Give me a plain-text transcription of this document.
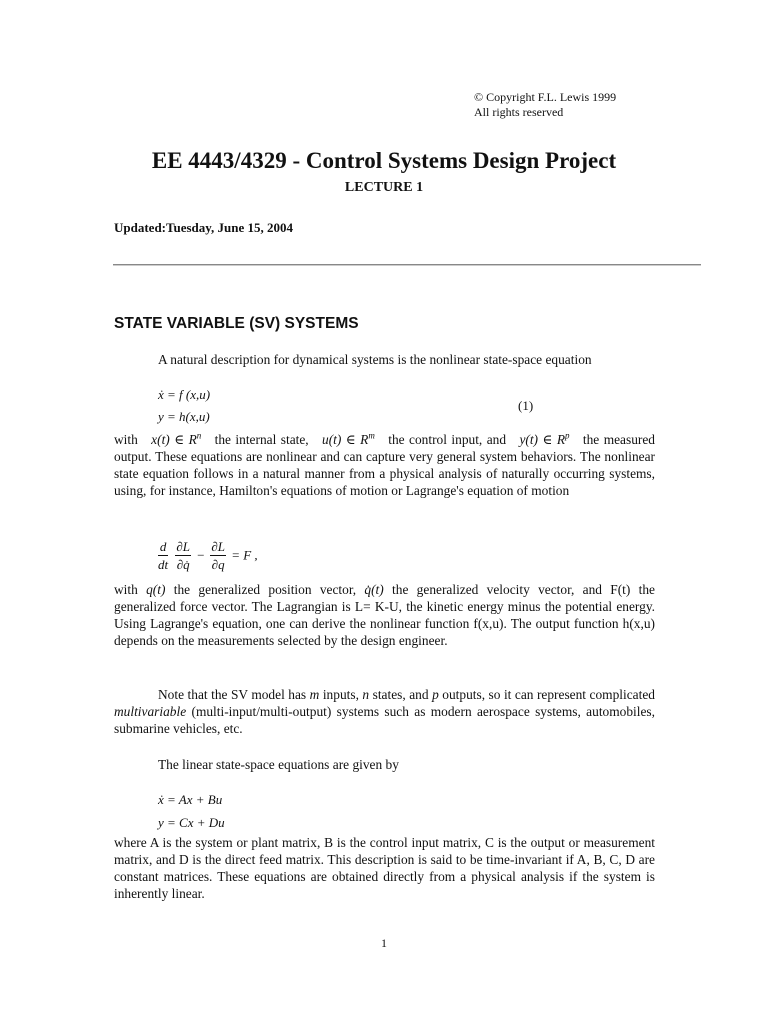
© Copyright F.L. Lewis 1999
All rights reserved
EE 4443/4329 - Control Systems Design Project
LECTURE 1
Updated:Tuesday, June 15, 2004
STATE VARIABLE (SV) SYSTEMS
A natural description for dynamical systems is the nonlinear state-space equation
ẋ = f (x,u)
y = h(x,u)
(1)
with x(t) ∈ $R^n$ the internal state, u(t) ∈ $R^m$ the control input, and y(t) ∈ $R^p$ the measured output. These equations are nonlinear and can capture very general system behaviors. The nonlinear state equation follows in a natural manner from a physical analysis of naturally occurring systems, using, for instance, Hamilton's equations of motion or Lagrange's equation of motion
$\frac{d}{dt}$
$\frac{\partial L}{\partial q̇} - \frac{\partial L}{\partial q} = F$ ,
with q(t) the generalized position vector, q̇(t) the generalized velocity vector, and F(t) the generalized force vector. The Lagrangian is L= K-U, the kinetic energy minus the potential energy. Using Lagrange's equation, one can derive the nonlinear function f(x,u). The output function h(x,u) depends on the measurements selected by the design engineer.
Note that the SV model has m inputs, n states, and p outputs, so it can represent complicated multivariable (multi-input/multi-output) systems such as modern aerospace systems, automobiles, submarine vehicles, etc.
The linear state-space equations are given by
ẋ = Ax + Bu
y = Cx + Du
where A is the system or plant matrix, B is the control input matrix, C is the output or measurement matrix, and D is the direct feed matrix. This description is said to be time-invariant if A, B, C, D are constant matrices. These equations are obtained directly from a physical analysis if the system is inherently linear.
1
